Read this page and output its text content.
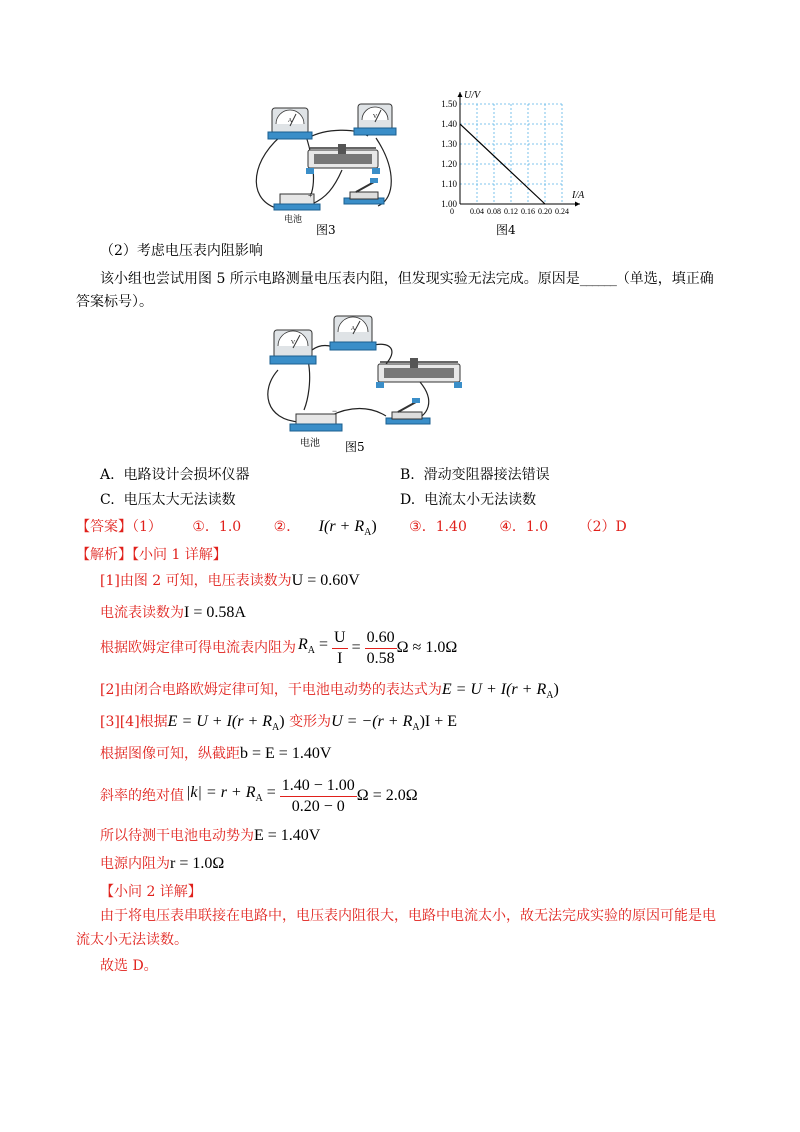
A
V
+
电池
图3
0.04 0.08 0.12 0.16 0.20 0.24
1.00
1.10
1.20
1.30
1.40
1.50
0
I/A
U/V
图4
（2）考虑电压表内阻影响
该小组也尝试用图 5 所示电路测量电压表内阻，但发现实验无法完成。原因是______（单选，填正确
答案标号）。
V
A
−
电池 图5
A. 电路设计会损坏仪器	B. 滑动变阻器接法错误
C. 电压太大无法读数	D. 电流太小无法读数
【答案】（1） ①．1.0 ②． $I(r + R_A)$ ③．1.40 ④．1.0 （2）D
【解析】【小问 1 详解】
[1]由图 2 可知，电压表读数为U = 0.60V
电流表读数为I = 0.58A
根据欧姆定律可得电流表内阻为 $R_A = \frac{U}{I} = \frac{0.60}{0.58}$ Ω ≈ 1.0Ω
[2]由闭合电路欧姆定律可知，干电池电动势的表达式为$E = U + I(r + R_A)$
[3][4]根据$E = U + I(r + R_A)$ 变形为$U = -(r + R_A)I + E$
根据图像可知，纵截距b = E = 1.40V
斜率的绝对值 $|k| = r + R_A = \frac{1.40 - 1.00}{0.20 - 0}$ Ω = 2.0Ω
所以待测干电池电动势为E = 1.40V
电源内阻为r = 1.0Ω
【小问 2 详解】
由于将电压表串联接在电路中，电压表内阻很大，电路中电流太小，故无法完成实验的原因可能是电
流太小无法读数。
故选 D。
